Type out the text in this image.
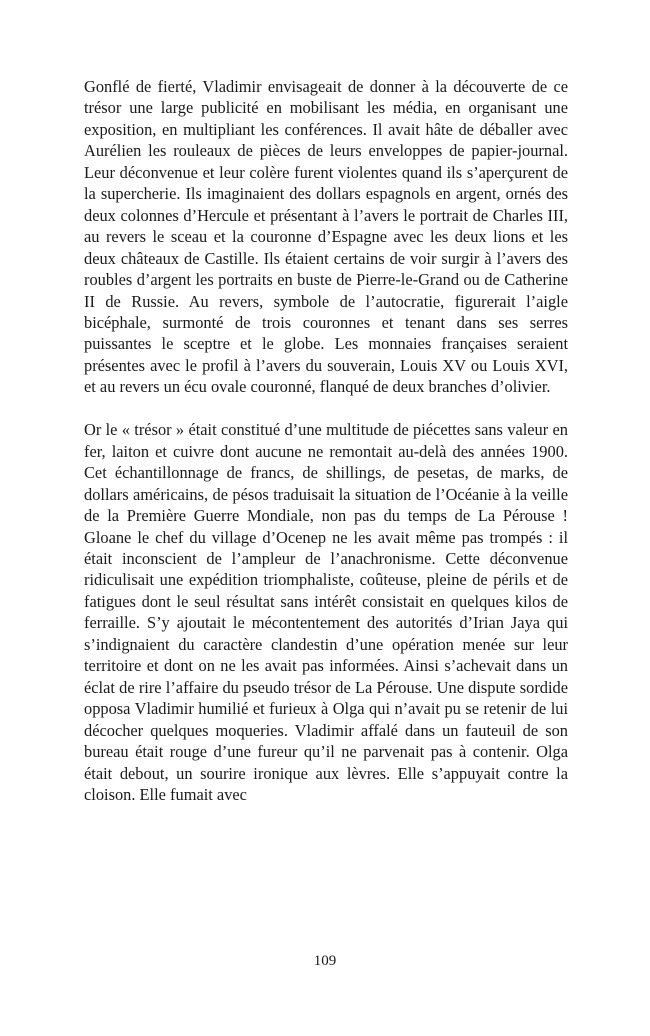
Gonflé de fierté, Vladimir envisageait de donner à la découverte de ce trésor une large publicité en mobilisant les média, en organisant une exposition, en multipliant les conférences. Il avait hâte de déballer avec Aurélien les rouleaux de pièces de leurs enveloppes de papier-journal. Leur déconvenue et leur colère furent violentes quand ils s’aperçurent de la supercherie. Ils imaginaient des dollars espagnols en argent, ornés des deux colonnes d’Hercule et présentant à l’avers le portrait de Charles III, au revers le sceau et la couronne d’Espagne avec les deux lions et les deux châteaux de Castille. Ils étaient certains de voir surgir à l’avers des roubles d’argent les portraits en buste de Pierre-le-Grand ou de Catherine II de Russie. Au revers, symbole de l’autocratie, figurerait l’aigle bicéphale, surmonté de trois couronnes et tenant dans ses serres puissantes le sceptre et le globe. Les monnaies françaises seraient présentes avec le profil à l’avers du souverain, Louis XV ou Louis XVI, et au revers un écu ovale couronné, flanqué de deux branches d’olivier.

Or le « trésor » était constitué d’une multitude de piécettes sans valeur en fer, laiton et cuivre dont aucune ne remontait au-delà des années 1900. Cet échantillonnage de francs, de shillings, de pesetas, de marks, de dollars américains, de pésos traduisait la situation de l’Océanie à la veille de la Première Guerre Mondiale, non pas du temps de La Pérouse ! Gloane le chef du village d’Ocenep ne les avait même pas trompés : il était inconscient de l’ampleur de l’anachronisme. Cette déconvenue ridiculisait une expédition triomphaliste, coûteuse, pleine de périls et de fatigues dont le seul résultat sans intérêt consistait en quelques kilos de ferraille. S’y ajoutait le mécontentement des autorités d’Irian Jaya qui s’indignaient du caractère clandestin d’une opération menée sur leur territoire et dont on ne les avait pas informées. Ainsi s’achevait dans un éclat de rire l’affaire du pseudo trésor de La Pérouse. Une dispute sordide opposa Vladimir humilié et furieux à Olga qui n’avait pu se retenir de lui décocher quelques moqueries. Vladimir affalé dans un fauteuil de son bureau était rouge d’une fureur qu’il ne parvenait pas à contenir. Olga était debout, un sourire ironique aux lèvres. Elle s’appuyait contre la cloison. Elle fumait avec

109
